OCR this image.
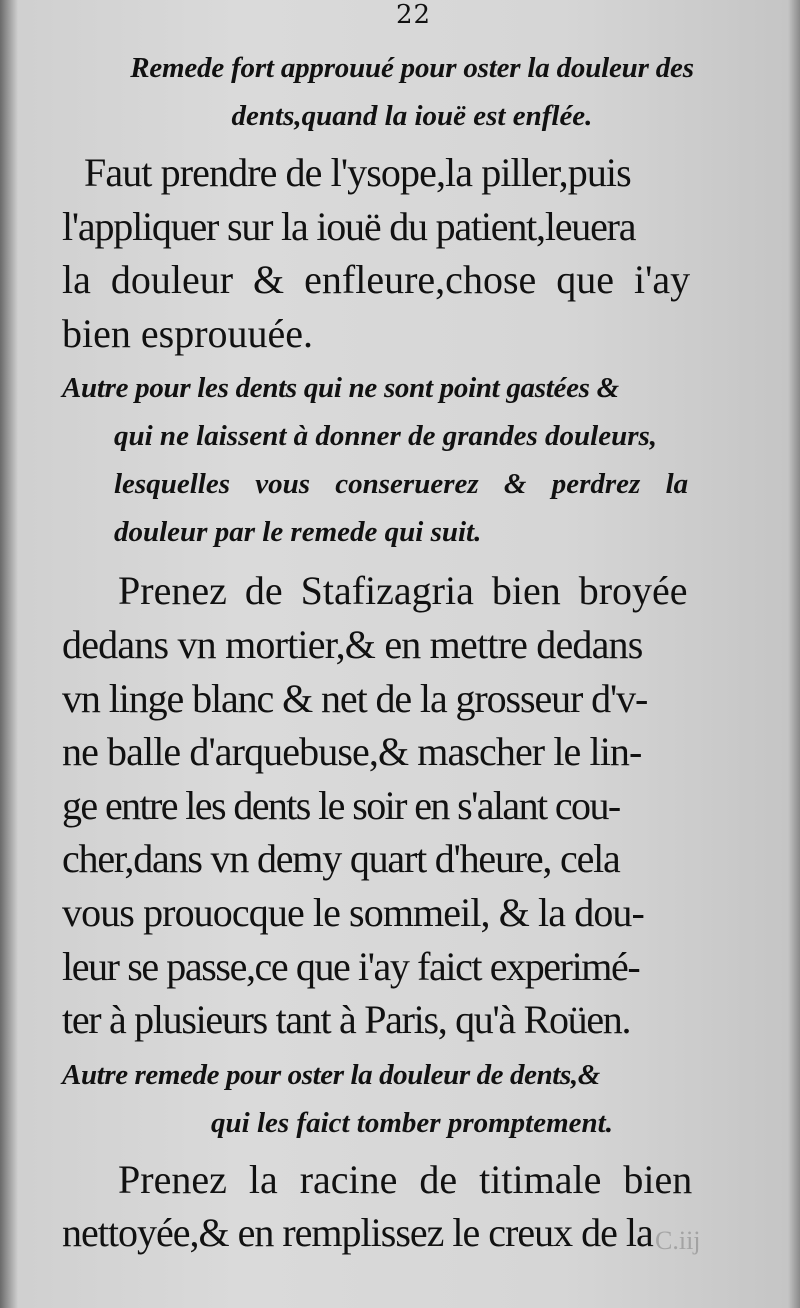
22
Remede fort approuué pour oster la douleur des
dents,quand la iouë est enflée.
Faut prendre de l'ysope,la piller,puis
l'appliquer sur la iouë du patient,leuera
la douleur & enfleure,chose que i'ay
bien esprouuée.
Autre pour les dents qui ne sont point gastées &
qui ne laissent à donner de grandes douleurs,
lesquelles vous conseruerez & perdrez la
douleur par le remede qui suit.
Prenez de Stafizagria bien broyée
dedans vn mortier,& en mettre dedans
vn linge blanc & net de la grosseur d'v-
ne balle d'arquebuse,& mascher le lin-
ge entre les dents le soir en s'alant cou-
cher,dans vn demy quart d'heure, cela
vous prouocque le sommeil, & la dou-
leur se passe,ce que i'ay faict experimé-
ter à plusieurs tant à Paris, qu'à Roüen.
Autre remede pour oster la douleur de dents,&
qui les faict tomber promptement.
Prenez la racine de titimale bien
nettoyée,& en remplissez le creux de la C.iij
